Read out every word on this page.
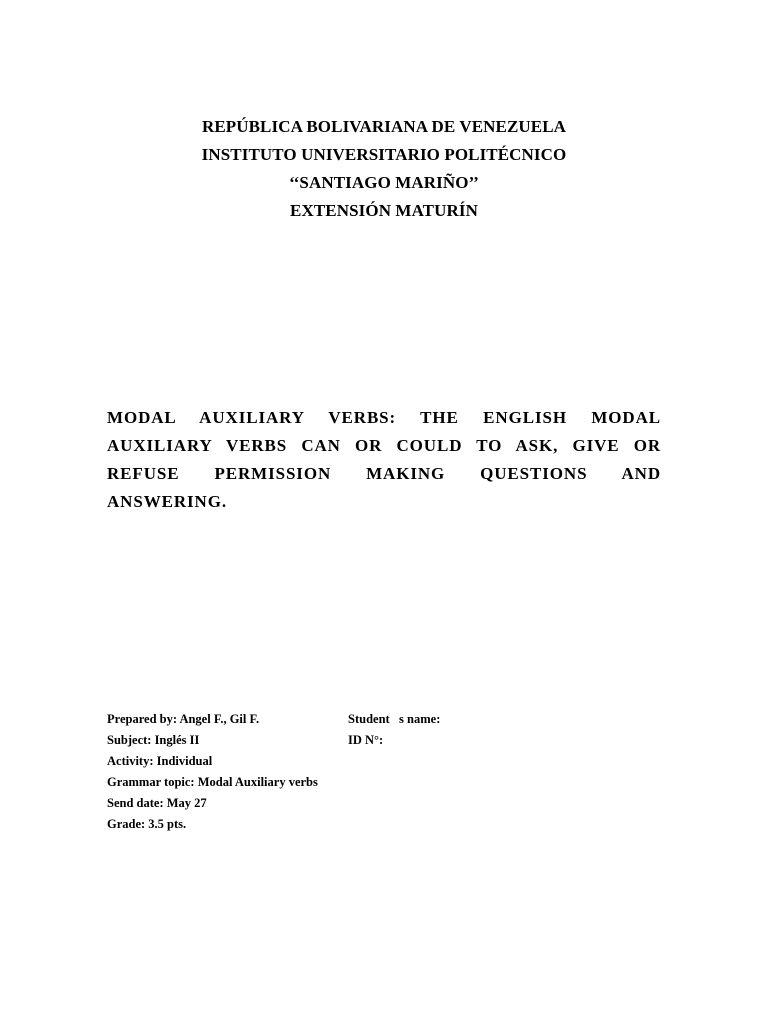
REPÚBLICA BOLIVARIANA DE VENEZUELA
INSTITUTO UNIVERSITARIO POLITÉCNICO
‘‘SANTIAGO MARIÑO’’
EXTENSIÓN MATURÍN
MODAL AUXILIARY VERBS: THE ENGLISH MODAL AUXILIARY VERBS CAN OR COULD TO ASK, GIVE OR REFUSE PERMISSION MAKING QUESTIONS AND ANSWERING.
Prepared by: Angel F., Gil F.	Student   s name:
Subject: Inglés II	ID N°:
Activity: Individual
Grammar topic: Modal Auxiliary verbs
Send date: May 27
Grade: 3.5 pts.
